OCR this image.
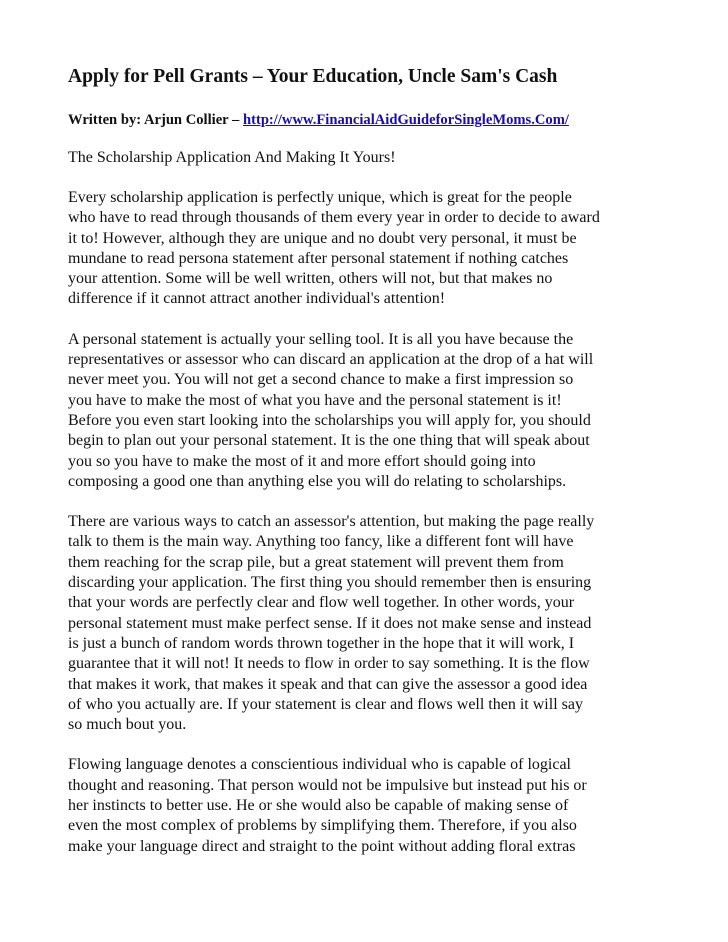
Apply for Pell Grants – Your Education, Uncle Sam's Cash
Written by: Arjun Collier – http://www.FinancialAidGuideforSingleMoms.Com/
The Scholarship Application And Making It Yours!

Every scholarship application is perfectly unique, which is great for the people
who have to read through thousands of them every year in order to decide to award
it to! However, although they are unique and no doubt very personal, it must be
mundane to read persona statement after personal statement if nothing catches
your attention. Some will be well written, others will not, but that makes no
difference if it cannot attract another individual's attention!

A personal statement is actually your selling tool. It is all you have because the
representatives or assessor who can discard an application at the drop of a hat will
never meet you. You will not get a second chance to make a first impression so
you have to make the most of what you have and the personal statement is it!
Before you even start looking into the scholarships you will apply for, you should
begin to plan out your personal statement. It is the one thing that will speak about
you so you have to make the most of it and more effort should going into
composing a good one than anything else you will do relating to scholarships.

There are various ways to catch an assessor's attention, but making the page really
talk to them is the main way. Anything too fancy, like a different font will have
them reaching for the scrap pile, but a great statement will prevent them from
discarding your application. The first thing you should remember then is ensuring
that your words are perfectly clear and flow well together. In other words, your
personal statement must make perfect sense. If it does not make sense and instead
is just a bunch of random words thrown together in the hope that it will work, I
guarantee that it will not! It needs to flow in order to say something. It is the flow
that makes it work, that makes it speak and that can give the assessor a good idea
of who you actually are. If your statement is clear and flows well then it will say
so much bout you.

Flowing language denotes a conscientious individual who is capable of logical
thought and reasoning. That person would not be impulsive but instead put his or
her instincts to better use. He or she would also be capable of making sense of
even the most complex of problems by simplifying them. Therefore, if you also
make your language direct and straight to the point without adding floral extras
